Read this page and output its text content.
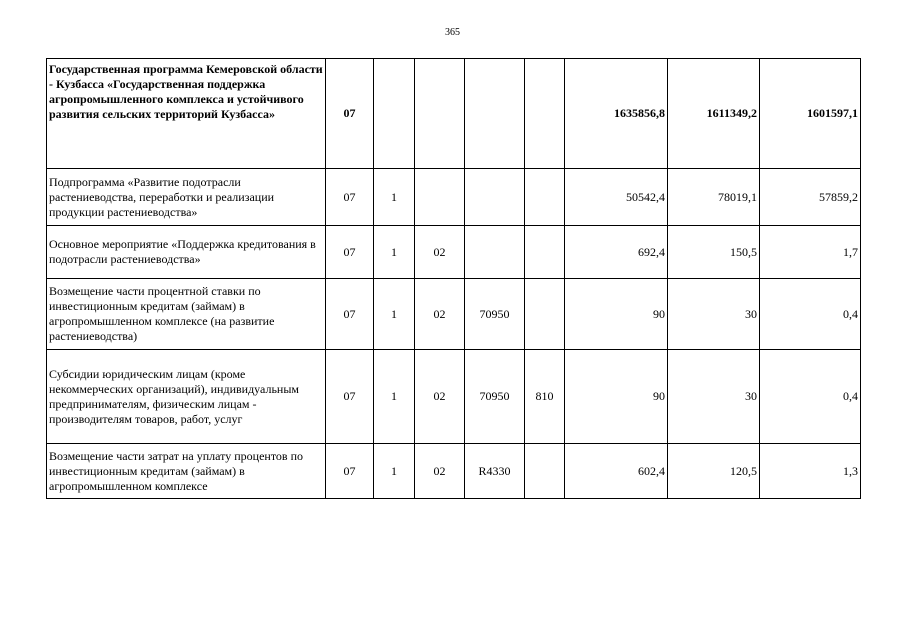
365
Государственная программа Кемеровской области - Кузбасса «Государственная поддержка агропромышленного комплекса и устойчивого развития сельских территорий Кузбасса»	07					1635856,8	1611349,2	1601597,1
Подпрограмма «Развитие подотрасли растениеводства, переработки и реализации продукции растениеводства»	07	1				50542,4	78019,1	57859,2
Основное мероприятие «Поддержка кредитования в подотрасли растениеводства»	07	1	02			692,4	150,5	1,7
Возмещение части процентной ставки по инвестиционным кредитам (займам) в агропромышленном комплексе (на развитие растениеводства)	07	1	02	70950		90	30	0,4
Субсидии юридическим лицам (кроме некоммерческих организаций), индивидуальным предпринимателям, физическим лицам - производителям товаров, работ, услуг	07	1	02	70950	810	90	30	0,4
Возмещение части затрат на уплату процентов по инвестиционным кредитам (займам) в агропромышленном комплексе	07	1	02	R4330		602,4	120,5	1,3
